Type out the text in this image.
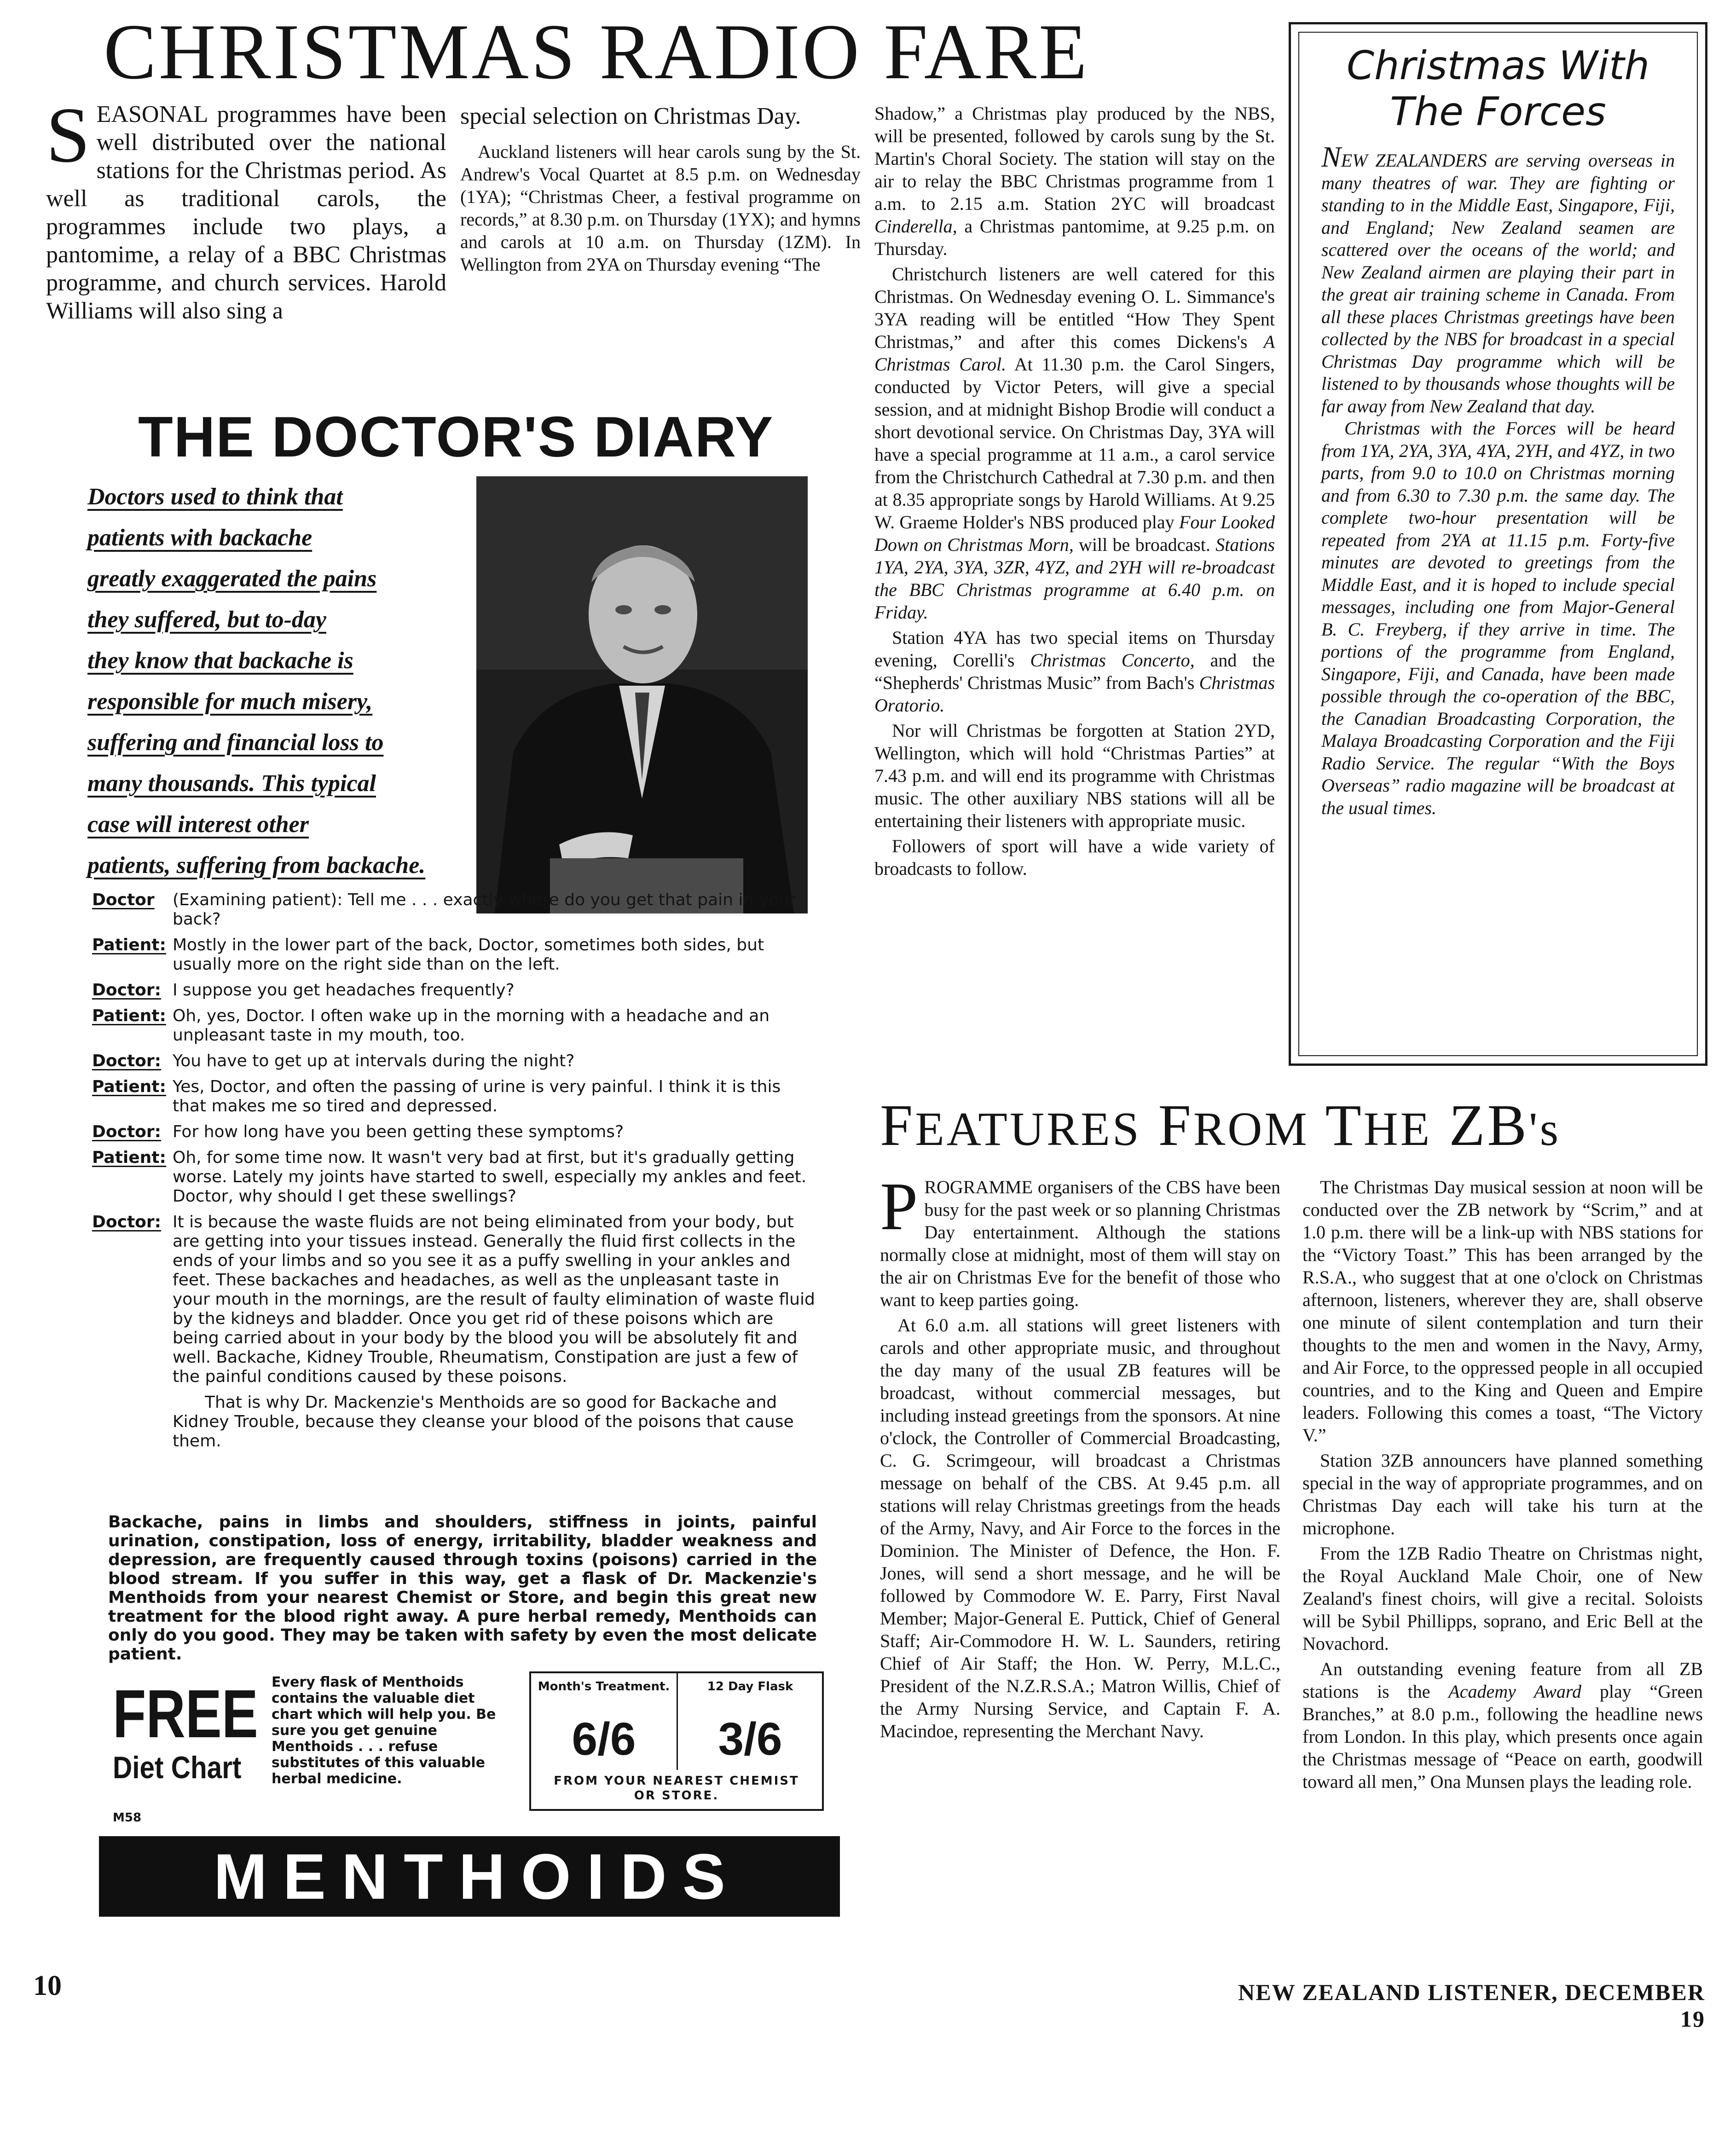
CHRISTMAS RADIO FARE

SEASONAL programmes have been well distributed over the national stations for the Christmas period. As well as traditional carols, the programmes include two plays, a pantomime, a relay of a BBC Christmas programme, and church services. Harold Williams will also sing a

special selection on Christmas Day.

Auckland listeners will hear carols sung by the St. Andrew's Vocal Quartet at 8.5 p.m. on Wednesday (1YA); “Christmas Cheer, a festival programme on records,” at 8.30 p.m. on Thursday (1YX); and hymns and carols at 10 a.m. on Thursday (1ZM). In Wellington from 2YA on Thursday evening “The

Shadow,” a Christmas play produced by the NBS, will be presented, followed by carols sung by the St. Martin's Choral Society. The station will stay on the air to relay the BBC Christmas programme from 1 a.m. to 2.15 a.m. Station 2YC will broadcast Cinderella, a Christmas pantomime, at 9.25 p.m. on Thursday.

Christchurch listeners are well catered for this Christmas. On Wednesday evening O. L. Simmance's 3YA reading will be entitled “How They Spent Christmas,” and after this comes Dickens's A Christmas Carol. At 11.30 p.m. the Carol Singers, conducted by Victor Peters, will give a special session, and at midnight Bishop Brodie will conduct a short devotional service. On Christmas Day, 3YA will have a special programme at 11 a.m., a carol service from the Christchurch Cathedral at 7.30 p.m. and then at 8.35 appropriate songs by Harold Williams. At 9.25 W. Graeme Holder's NBS produced play Four Looked Down on Christmas Morn, will be broadcast. Stations 1YA, 2YA, 3YA, 3ZR, 4YZ, and 2YH will re-broadcast the BBC Christmas programme at 6.40 p.m. on Friday.

Station 4YA has two special items on Thursday evening, Corelli's Christmas Concerto, and the “Shepherds' Christmas Music” from Bach's Christmas Oratorio.

Nor will Christmas be forgotten at Station 2YD, Wellington, which will hold “Christmas Parties” at 7.43 p.m. and will end its programme with Christmas music. The other auxiliary NBS stations will all be entertaining their listeners with appropriate music.

Followers of sport will have a wide variety of broadcasts to follow.

Christmas With
The Forces

NEW ZEALANDERS are serving overseas in many theatres of war. They are fighting or standing to in the Middle East, Singapore, Fiji, and England; New Zealand seamen are scattered over the oceans of the world; and New Zealand airmen are playing their part in the great air training scheme in Canada. From all these places Christmas greetings have been collected by the NBS for broadcast in a special Christmas Day programme which will be listened to by thousands whose thoughts will be far away from New Zealand that day.

Christmas with the Forces will be heard from 1YA, 2YA, 3YA, 4YA, 2YH, and 4YZ, in two parts, from 9.0 to 10.0 on Christmas morning and from 6.30 to 7.30 p.m. the same day. The complete two-hour presentation will be repeated from 2YA at 11.15 p.m. Forty-five minutes are devoted to greetings from the Middle East, and it is hoped to include special messages, including one from Major-General B. C. Freyberg, if they arrive in time. The portions of the programme from England, Singapore, Fiji, and Canada, have been made possible through the co-operation of the BBC, the Canadian Broadcasting Corporation, the Malaya Broadcasting Corporation and the Fiji Radio Service. The regular “With the Boys Overseas” radio magazine will be broadcast at the usual times.

THE DOCTOR'S DIARY
Doctors used to think that
patients with backache
greatly exaggerated the pains
they suffered, but to-day
they know that backache is
responsible for much misery,
suffering and financial loss to
many thousands. This typical
case will interest other
patients, suffering from backache.
Doctor	(Examining patient): Tell me . . . exactly where do you get that pain in your back?
Patient: Mostly in the lower part of the back, Doctor, sometimes both sides, but usually more on the right side than on the left.
Doctor: I suppose you get headaches frequently?
Patient: Oh, yes, Doctor. I often wake up in the morning with a headache and an unpleasant taste in my mouth, too.
Doctor: You have to get up at intervals during the night?
Patient: Yes, Doctor, and often the passing of urine is very painful. I think it is this that makes me so tired and depressed.
Doctor: For how long have you been getting these symptoms?
Patient: Oh, for some time now. It wasn't very bad at first, but it's gradually getting worse. Lately my joints have started to swell, especially my ankles and feet. Doctor, why should I get these swellings?
Doctor: It is because the waste fluids are not being eliminated from your body, but are getting into your tissues instead. Generally the fluid first collects in the ends of your limbs and so you see it as a puffy swelling in your ankles and feet. These backaches and headaches, as well as the unpleasant taste in your mouth in the mornings, are the result of faulty elimination of waste fluid by the kidneys and bladder. Once you get rid of these poisons which are being carried about in your body by the blood you will be absolutely fit and well. Backache, Kidney Trouble, Rheumatism, Constipation are just a few of the painful conditions caused by these poisons.
That is why Dr. Mackenzie's Menthoids are so good for Backache and Kidney Trouble, because they cleanse your blood of the poisons that cause them.
Backache, pains in limbs and shoulders, stiffness in joints, painful urination, constipation, loss of energy, irritability, bladder weakness and depression, are frequently caused through toxins (poisons) carried in the blood stream. If you suffer in this way, get a flask of Dr. Mackenzie's Menthoids from your nearest Chemist or Store, and begin this great new treatment for the blood right away. A pure herbal remedy, Menthoids can only do you good. They may be taken with safety by even the most delicate patient.
FREE
Diet Chart
Every flask of Menthoids contains the valuable diet chart which will help you. Be sure you get genuine Menthoids . . . refuse substitutes of this valuable herbal medicine.
Month's Treatment.
6/6
12 Day Flask
3/6
FROM YOUR NEAREST CHEMIST OR STORE.
M58
MENTHOIDS
FEATURES FROM THE ZB's

PROGRAMME organisers of the CBS have been busy for the past week or so planning Christmas Day entertainment. Although the stations normally close at midnight, most of them will stay on the air on Christmas Eve for the benefit of those who want to keep parties going.

At 6.0 a.m. all stations will greet listeners with carols and other appropriate music, and throughout the day many of the usual ZB features will be broadcast, without commercial messages, but including instead greetings from the sponsors. At nine o'clock, the Controller of Commercial Broadcasting, C. G. Scrimgeour, will broadcast a Christmas message on behalf of the CBS. At 9.45 p.m. all stations will relay Christmas greetings from the heads of the Army, Navy, and Air Force to the forces in the Dominion. The Minister of Defence, the Hon. F. Jones, will send a short message, and he will be followed by Commodore W. E. Parry, First Naval Member; Major-General E. Puttick, Chief of General Staff; Air-Commodore H. W. L. Saunders, retiring Chief of Air Staff; the Hon. W. Perry, M.L.C., President of the N.Z.R.S.A.; Matron Willis, Chief of the Army Nursing Service, and Captain F. A. Macindoe, representing the Merchant Navy.

The Christmas Day musical session at noon will be conducted over the ZB network by “Scrim,” and at 1.0 p.m. there will be a link-up with NBS stations for the “Victory Toast.” This has been arranged by the R.S.A., who suggest that at one o'clock on Christmas afternoon, listeners, wherever they are, shall observe one minute of silent contemplation and turn their thoughts to the men and women in the Navy, Army, and Air Force, to the oppressed people in all occupied countries, and to the King and Queen and Empire leaders. Following this comes a toast, “The Victory V.”

Station 3ZB announcers have planned something special in the way of appropriate programmes, and on Christmas Day each will take his turn at the microphone.

From the 1ZB Radio Theatre on Christmas night, the Royal Auckland Male Choir, one of New Zealand's finest choirs, will give a recital. Soloists will be Sybil Phillipps, soprano, and Eric Bell at the Novachord.

An outstanding evening feature from all ZB stations is the Academy Award play “Green Branches,” at 8.0 p.m., following the headline news from London. In this play, which presents once again the Christmas message of “Peace on earth, goodwill toward all men,” Ona Munsen plays the leading role.

10	NEW ZEALAND LISTENER, DECEMBER 19
